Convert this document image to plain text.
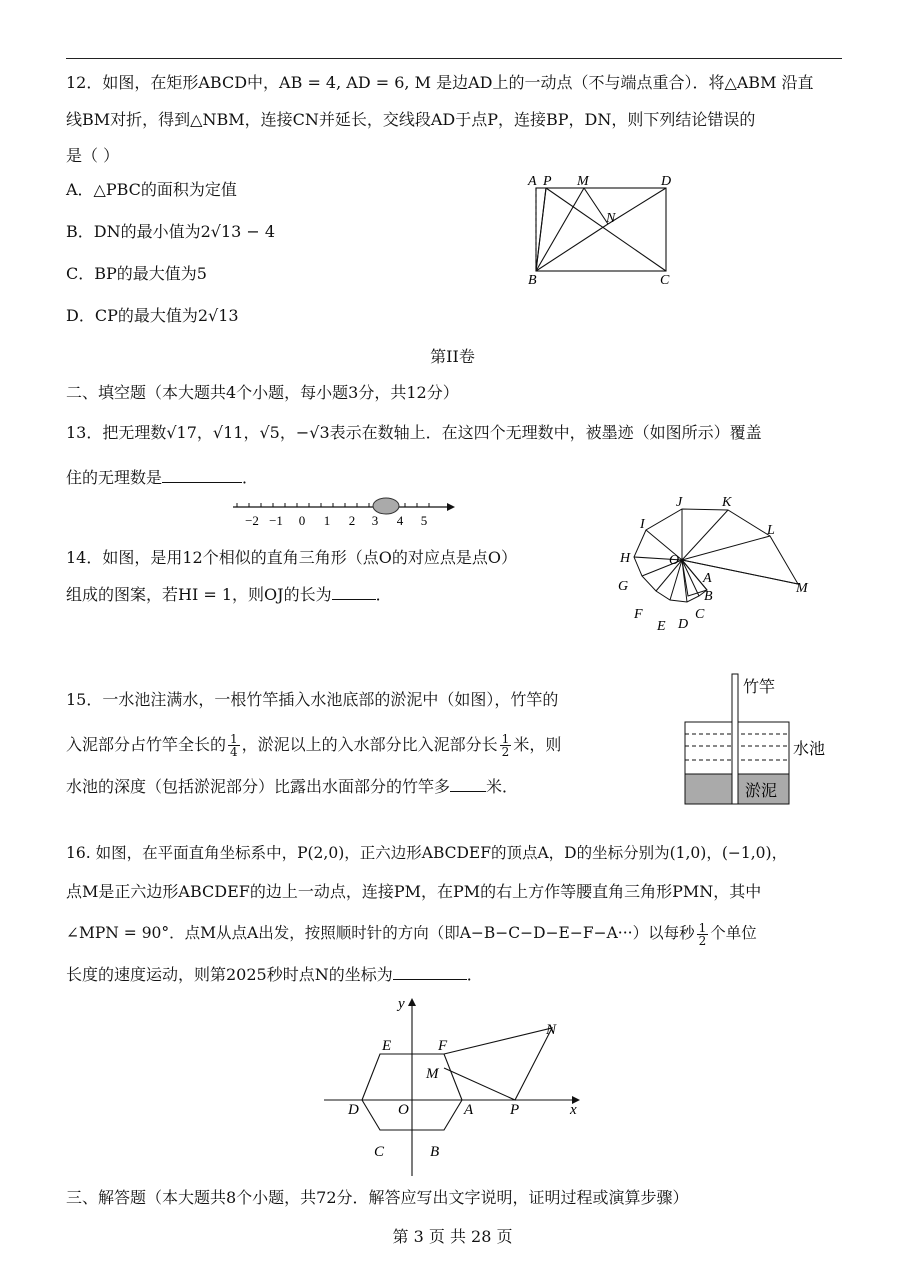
12．如图，在矩形ABCD中，AB = 4, AD = 6, M 是边AD上的一动点（不与端点重合）．将△ABM 沿直
线BM对折，得到△NBM，连接CN并延长，交线段AD于点P，连接BP，DN，则下列结论错误的
是（ ）
A．△PBC的面积为定值
B．DN的最小值为2√13 − 4
C．BP的最大值为5
D．CP的最大值为2√13
A P M	D
N
B	C
第II卷
二、填空题（本大题共4个小题，每小题3分，共12分）
13．把无理数√17，√11，√5，−√3表示在数轴上．在这四个无理数中，被墨迹（如图所示）覆盖
住的无理数是	．
−2 −1 0 1 2 3 4 5
14．如图，是用12个相似的直角三角形（点O的对应点是点O）
组成的图案，若HI = 1，则OJ的长为	．
J	K
I	L
H	O
A
M
G
B
F	C
E D
15．一水池注满水，一根竹竿插入水池底部的淤泥中（如图），竹竿的
入泥部分占竹竿全长的 $\frac{1}{4}$ ，淤泥以上的入水部分比入泥部分长 $\frac{1}{2}$ 米，则
水池的深度（包括淤泥部分）比露出水面部分的竹竿多 米．
竹竿
水池
淤泥
16. 如图，在平面直角坐标系中，P(2,0)，正六边形ABCDEF的顶点A，D的坐标分别为(1,0)，(−1,0)，
点M是正六边形ABCDEF的边上一动点，连接PM，在PM的右上方作等腰直角三角形PMN，其中
∠MPN = 90°．点M从点A出发，按照顺时针的方向（即A−B−C−D−E−F−A···）以每秒 $\frac{1}{2}$ 个单位
长度的速度运动，则第2025秒时点N的坐标为	．
y
N
E	F
M
D	O	A P	x
C	B
三、解答题（本大题共8个小题，共72分．解答应写出文字说明，证明过程或演算步骤）
第 3 页 共 28 页
